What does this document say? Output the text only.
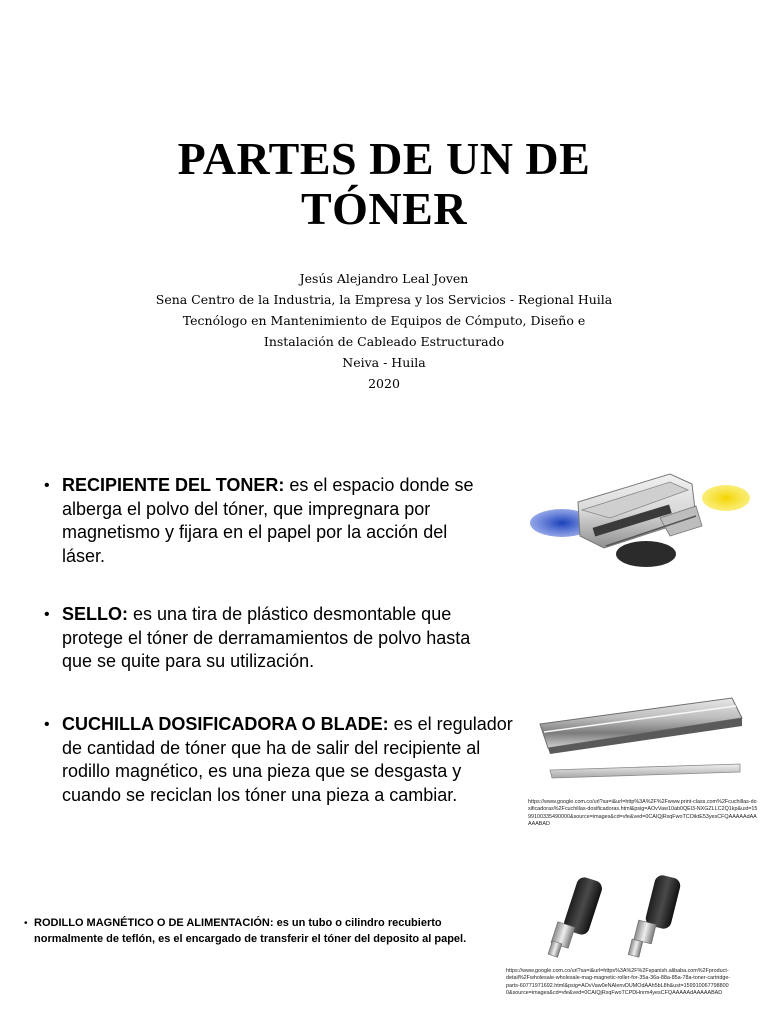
PARTES DE UN DE
TÓNER
Jesús Alejandro Leal Joven
Sena Centro de la Industria, la Empresa y los Servicios - Regional Huila
Tecnólogo en Mantenimiento de Equipos de Cómputo, Diseño e
Instalación de Cableado Estructurado
Neiva - Huila
2020
• RECIPIENTE DEL TONER: es el espacio donde se alberga el polvo del tóner, que impregnara por magnetismo y fijara en el papel por la acción del láser.
• SELLO: es una tira de plástico desmontable que protege el tóner de derramamientos de polvo hasta que se quite para su utilización.
• CUCHILLA DOSIFICADORA O BLADE: es el regulador de cantidad de tóner que ha de salir del recipiente al rodillo magnético, es una pieza que se desgasta y cuando se reciclan los tóner una pieza a cambiar.
• RODILLO MAGNÉTICO O DE ALIMENTACIÓN: es un tubo o cilindro recubierto normalmente de teflón, es el encargado de transferir el tóner del deposito al papel.
https://www.google.com.co/url?sa=i&url=http%3A%2F%2Fwww.print-class.com%2Fcuchillas-dosificadoras%2Fcuchillas-dosificadoras.html&psig=AOvVaw10ab0QEl3-NXGZLLC2Q1kp&ust=1599100335490000&source=images&cd=vfe&ved=0CAIQjRxqFwoTCOiktE53yesCFQAAAAAdAAAAABAD
https://www.google.com.co/url?sa=i&url=https%3A%2F%2Fspanish.alibaba.com%2Fproduct-detail%2Fwholesale-wholesale-mag-magnetic-roller-for-35a-36a-88a-85a-78a-toner-cartridge-parts-60771971692.html&psig=AOvVaw0eNAlenvDUMOdAAh5bL8h&ust=1599100677988000&source=images&cd=vfe&ved=0CAIQjRxqFwoTCPDHnrm4yesCFQAAAAAdAAAAABAD
